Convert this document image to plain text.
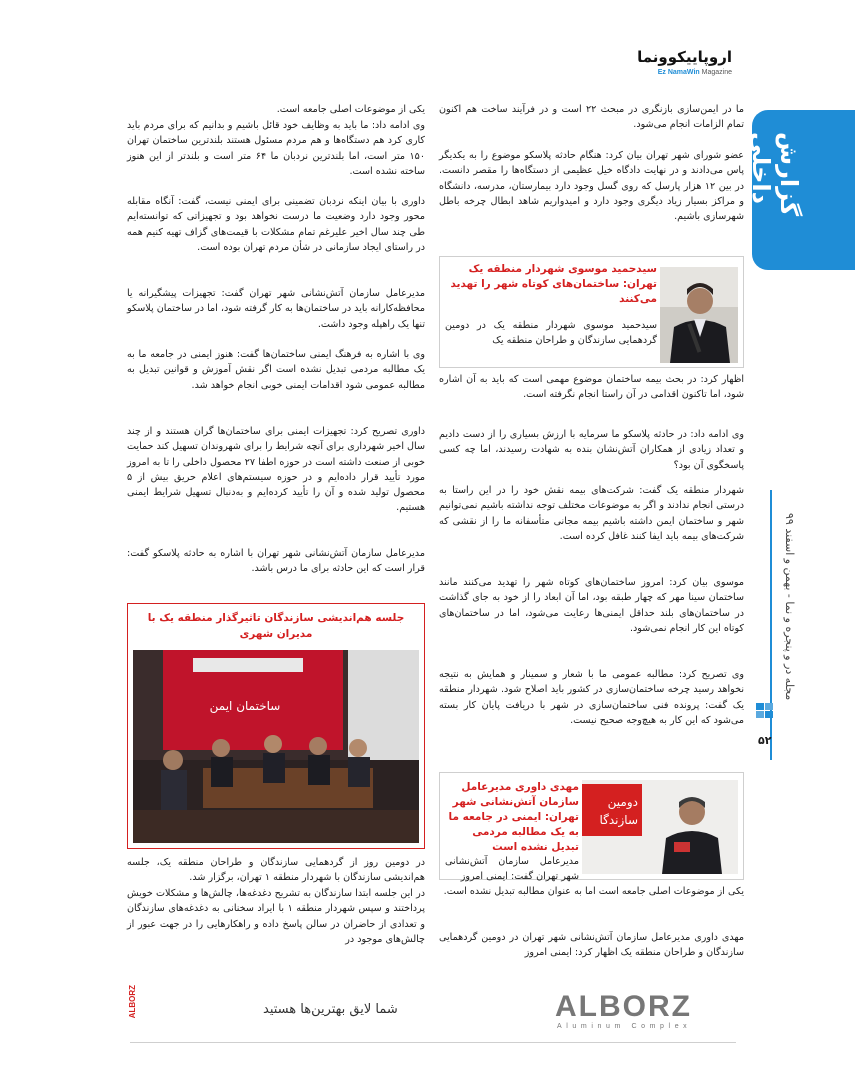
اروپاییکوونما
Ez NamaWin Magazine
گزارش داخلی
مجله در و پنجره و نما - بهمن و اسفند ۹۹
۵۲
ما در ایمن‌سازی بازنگری در مبحث ۲۲ است و در فرآیند ساخت هم اکنون تمام الزامات انجام می‌شود.
عضو شورای شهر تهران بیان کرد: هنگام حادثه پلاسکو موضوع را به یکدیگر پاس می‌دادند و در نهایت دادگاه خیل عظیمی از دستگاه‌ها را مقصر دانست. در بین ۱۲ هزار پارسل که روی گسل وجود دارد بیمارستان، مدرسه، دانشگاه و مراکز بسیار زیاد دیگری وجود دارد و امیدواریم شاهد ابطال چرخه باطل شهرسازی باشیم.
سیدحمید موسوی شهردار منطقه یک تهران: ساختمان‌های کوتاه شهر را تهدید می‌کنند
سیدحمید موسوی شهردار منطقه یک در دومین گردهمایی سازندگان و طراحان منطقه یک
اظهار کرد: در بحث بیمه ساختمان موضوع مهمی است که باید به آن اشاره شود، اما تاکنون اقدامی در آن راستا انجام نگرفته است.
وی ادامه داد: در حادثه پلاسکو ما سرمایه با ارزش بسیاری را از دست دادیم و تعداد زیادی از همکاران آتش‌نشان بنده به شهادت رسیدند، اما چه کسی پاسخگوی آن بود؟
شهردار منطقه یک گفت: شرکت‌های بیمه نقش خود را در این راستا به درستی انجام ندادند و اگر به موضوعات مختلف توجه نداشته باشیم نمی‌توانیم شهر و ساختمان ایمن داشته باشیم بیمه مجانی متأسفانه ما را از نقشی که شرکت‌های بیمه باید ایفا کنند غافل کرده است.
موسوی بیان کرد: امروز ساختمان‌های کوتاه شهر را تهدید می‌کنند مانند ساختمان سینا مهر که چهار طبقه بود، اما آن ابعاد را از خود به جای گذاشت در ساختمان‌های بلند حداقل ایمنی‌ها رعایت می‌شود، اما در ساختمان‌های کوتاه این کار انجام نمی‌شود.
وی تصریح کرد: مطالبه عمومی ما با شعار و سمینار و همایش به نتیجه نخواهد رسید چرخه ساختمان‌سازی در کشور باید اصلاح شود. شهردار منطقه یک گفت: پرونده فنی ساختمان‌سازی در شهر با دریافت پایان کار بسته می‌شود که این کار به هیچ‌وجه صحیح نیست.
دومین
سازندگا
مهدی داوری مدیرعامل سازمان آتش‌نشانی شهر تهران: ایمنی در جامعه ما به یک مطالبه مردمی تبدیل نشده است
مدیرعامل سازمان آتش‌نشانی شهر تهران گفت: ایمنی امروز
یکی از موضوعات اصلی جامعه است اما به عنوان مطالبه تبدیل نشده است.
مهدی داوری مدیرعامل سازمان آتش‌نشانی شهر تهران در دومین گردهمایی سازندگان و طراحان منطقه یک اظهار کرد: ایمنی امروز
یکی از موضوعات اصلی جامعه است.
وی ادامه داد: ما باید به وظایف خود قائل باشیم و بدانیم که برای مردم باید کاری کرد هم دستگاه‌ها و هم مردم مسئول هستند بلندترین ساختمان تهران ۱۵۰ متر است، اما بلندترین نردبان ما ۶۴ متر است و بلندتر از این هنوز ساخته نشده است.
داوری با بیان اینکه نردبان تضمینی برای ایمنی نیست، گفت: آنگاه مقابله محور وجود دارد وضعیت ما درست نخواهد بود و تجهیزاتی که توانسته‌ایم طی چند سال اخیر علیرغم تمام مشکلات با قیمت‌های گزاف تهیه کنیم همه در راستای ایجاد سازمانی در شأن مردم تهران بوده است.
مدیرعامل سازمان آتش‌نشانی شهر تهران گفت: تجهیزات پیشگیرانه یا محافظه‌کارانه باید در ساختمان‌ها به کار گرفته شود، اما در ساختمان پلاسکو تنها یک راهپله وجود داشت.
وی با اشاره به فرهنگ ایمنی ساختمان‌ها گفت: هنوز ایمنی در جامعه ما به یک مطالبه مردمی تبدیل نشده است اگر نقش آموزش و قوانین تبدیل به مطالبه عمومی شود اقدامات ایمنی خوبی انجام خواهد شد.
داوری تصریح کرد: تجهیزات ایمنی برای ساختمان‌ها گران هستند و از چند سال اخیر شهرداری برای آنچه شرایط را برای شهروندان تسهیل کند حمایت خوبی از صنعت داشته است در حوزه اطفا ۲۷ محصول داخلی را تا به امروز مورد تأیید قرار داده‌ایم و در حوزه سیستم‌های اعلام حریق بیش از ۵ محصول تولید شده و آن را تأیید کرده‌ایم و به‌دنبال تسهیل شرایط ایمنی هستیم.
مدیرعامل سازمان آتش‌نشانی شهر تهران با اشاره به حادثه پلاسکو گفت: قرار است که این حادثه برای ما درس باشد.
جلسه هم‌اندیشی سازندگان تاثیرگذار منطقه یک با مدیران شهری
ساختمان ایمن
در دومین روز از گردهمایی سازندگان و طراحان منطقه یک، جلسه هم‌اندیشی سازندگان با شهردار منطقه ۱ تهران، برگزار شد.
در این جلسه ابتدا سازندگان به تشریح دغدغه‌ها، چالش‌ها و مشکلات خویش پرداختند و سپس شهردار منطقه ۱ با ایراد سخنانی به دغدغه‌های سازندگان و تعدادی از حاضران در سالن پاسخ داده و راهکارهایی را در جهت عبور از چالش‌های موجود در
ALBORZ	شما لایق بهترین‌ها هستید	ALBORZ
Aluminum Complex
